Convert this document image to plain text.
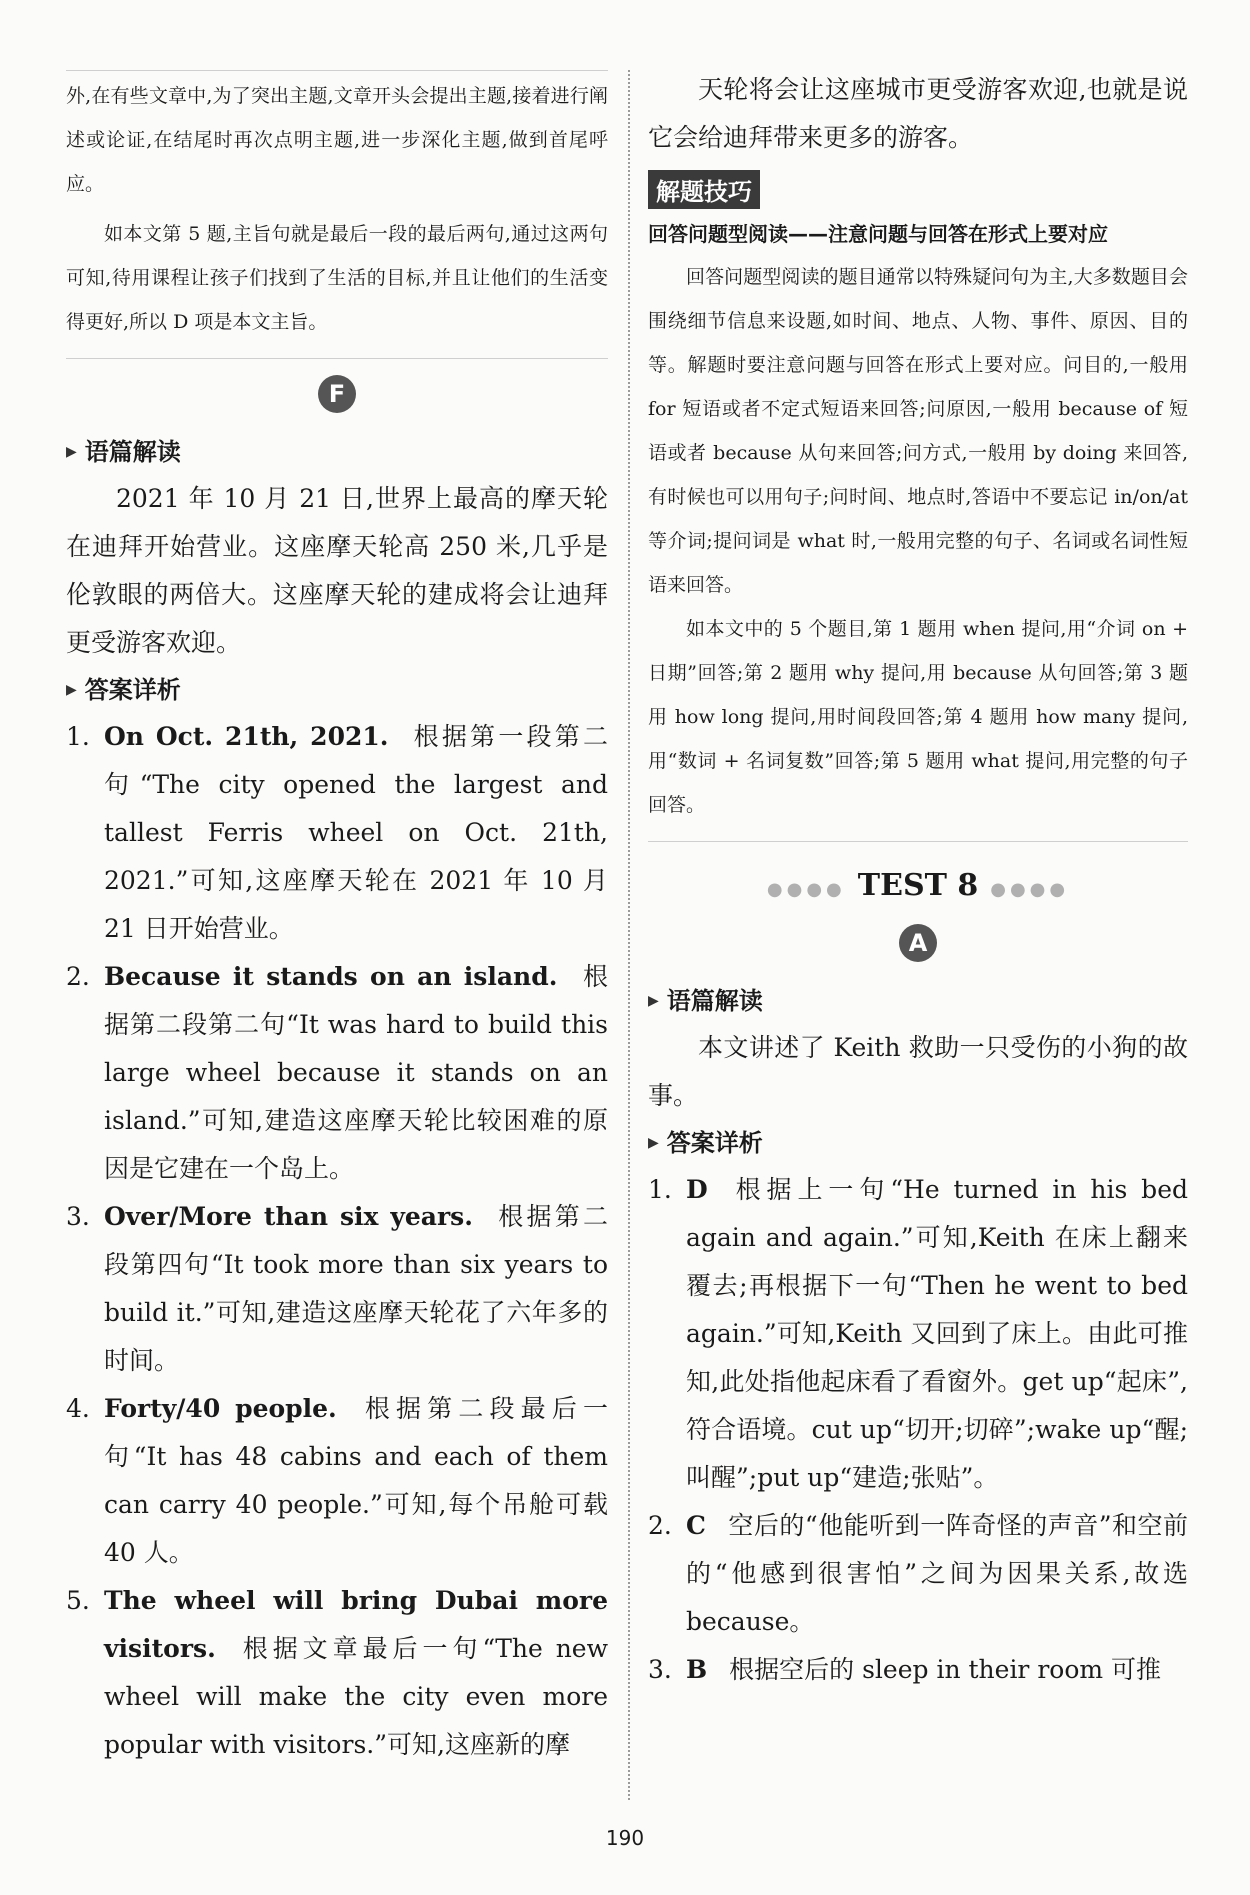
外,在有些文章中,为了突出主题,文章开头会提出主题,接着进行阐述或论证,在结尾时再次点明主题,进一步深化主题,做到首尾呼应。

如本文第 5 题,主旨句就是最后一段的最后两句,通过这两句可知,待用课程让孩子们找到了生活的目标,并且让他们的生活变得更好,所以 D 项是本文主旨。

F
▶ 语篇解读

2021 年 10 月 21 日,世界上最高的摩天轮在迪拜开始营业。这座摩天轮高 250 米,几乎是伦敦眼的两倍大。这座摩天轮的建成将会让迪拜更受游客欢迎。

▶ 答案详析
1. On Oct. 21th, 2021. 根据第一段第二句“The city opened the largest and tallest Ferris wheel on Oct. 21th, 2021.”可知,这座摩天轮在 2021 年 10 月 21 日开始营业。
2. Because it stands on an island. 根据第二段第二句“It was hard to build this large wheel because it stands on an island.”可知,建造这座摩天轮比较困难的原因是它建在一个岛上。
3. Over/More than six years. 根据第二段第四句“It took more than six years to build it.”可知,建造这座摩天轮花了六年多的时间。
4. Forty/40 people. 根据第二段最后一句“It has 48 cabins and each of them can carry 40 people.”可知,每个吊舱可载 40 人。
5. The wheel will bring Dubai more visitors. 根据文章最后一句“The new wheel will make the city even more popular with visitors.”可知,这座新的摩

天轮将会让这座城市更受游客欢迎,也就是说它会给迪拜带来更多的游客。

解题技巧
回答问题型阅读——注意问题与回答在形式上要对应

回答问题型阅读的题目通常以特殊疑问句为主,大多数题目会围绕细节信息来设题,如时间、地点、人物、事件、原因、目的等。解题时要注意问题与回答在形式上要对应。问目的,一般用 for 短语或者不定式短语来回答;问原因,一般用 because of 短语或者 because 从句来回答;问方式,一般用 by doing 来回答,有时候也可以用句子;问时间、地点时,答语中不要忘记 in/on/at 等介词;提问词是 what 时,一般用完整的句子、名词或名词性短语来回答。

如本文中的 5 个题目,第 1 题用 when 提问,用“介词 on + 日期”回答;第 2 题用 why 提问,用 because 从句回答;第 3 题用 how long 提问,用时间段回答;第 4 题用 how many 提问,用“数词 + 名词复数”回答;第 5 题用 what 提问,用完整的句子回答。

●●●● TEST 8 ●●●●
A
▶ 语篇解读

本文讲述了 Keith 救助一只受伤的小狗的故事。

▶ 答案详析
1. D 根据上一句“He turned in his bed again and again.”可知,Keith 在床上翻来覆去;再根据下一句“Then he went to bed again.”可知,Keith 又回到了床上。由此可推知,此处指他起床看了看窗外。get up“起床”,符合语境。cut up“切开;切碎”;wake up“醒;叫醒”;put up“建造;张贴”。
2. C 空后的“他能听到一阵奇怪的声音”和空前的“他感到很害怕”之间为因果关系,故选 because。
3. B 根据空后的 sleep in their room 可推
190
